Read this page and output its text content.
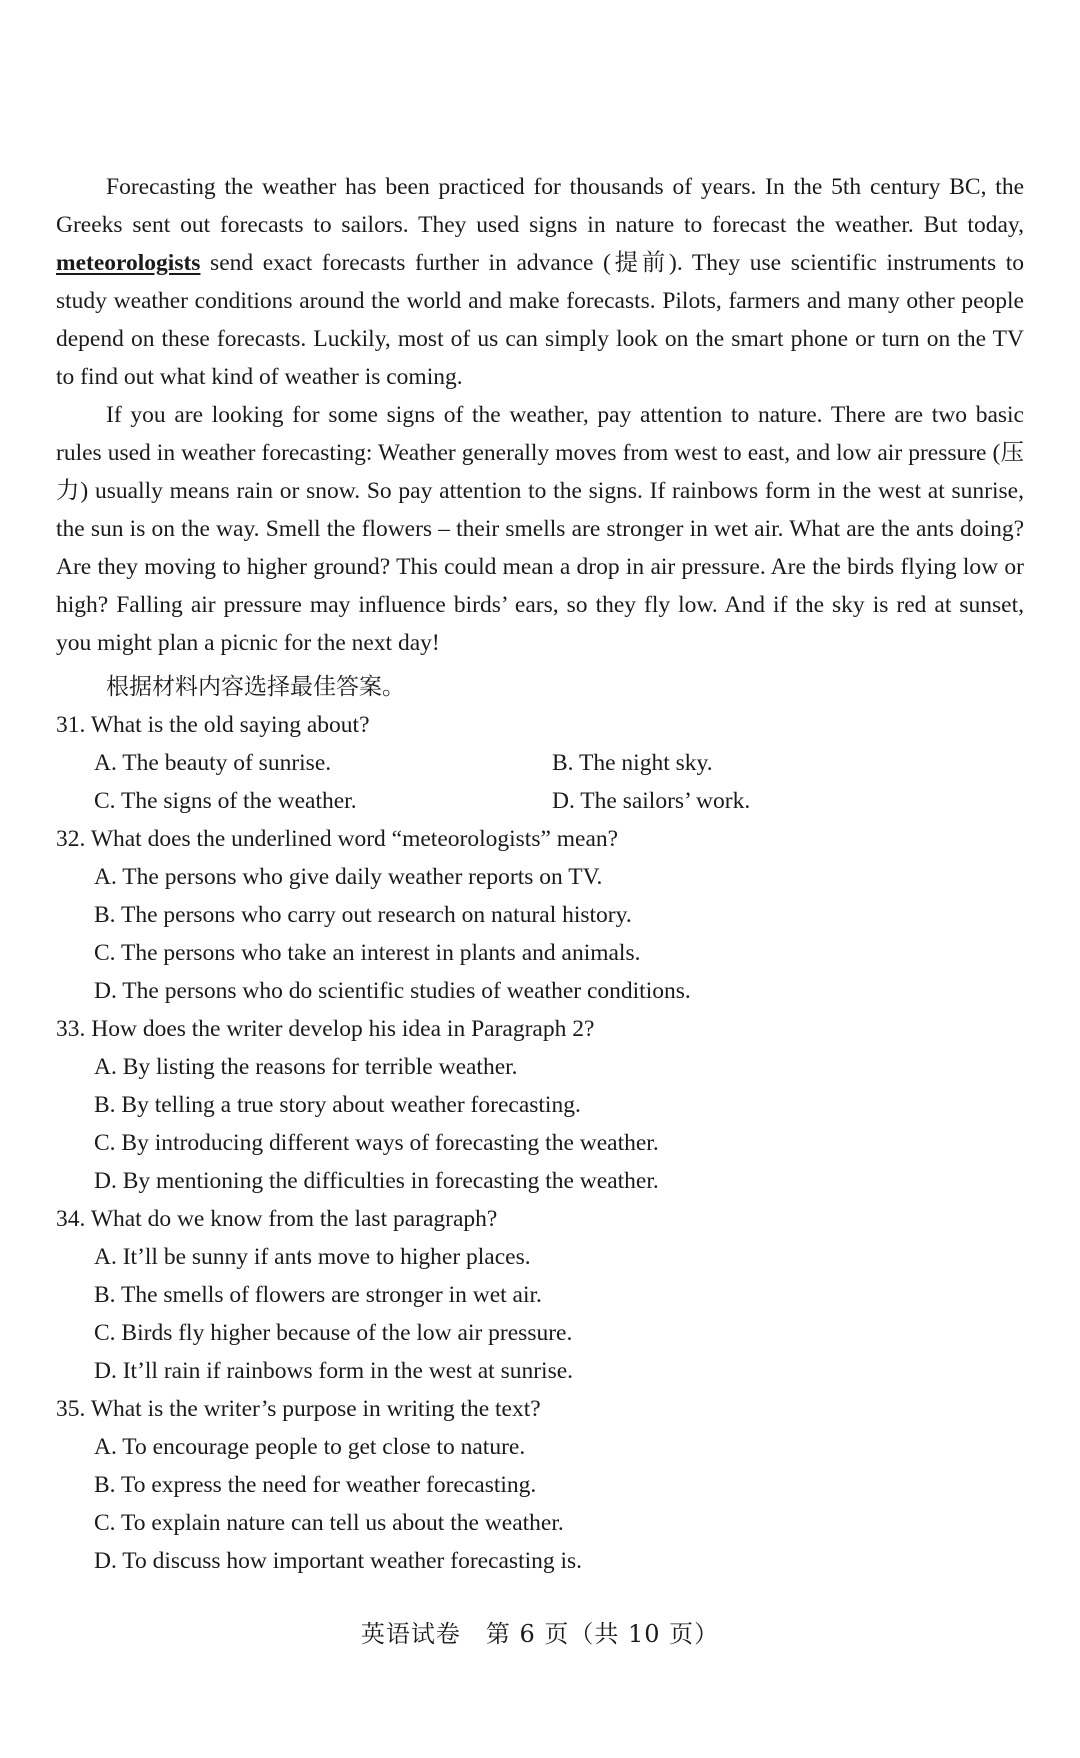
Forecasting the weather has been practiced for thousands of years. In the 5th century BC, the Greeks sent out forecasts to sailors. They used signs in nature to forecast the weather. But today, meteorologists send exact forecasts further in advance (提前). They use scientific instruments to study weather conditions around the world and make forecasts. Pilots, farmers and many other people depend on these forecasts. Luckily, most of us can simply look on the smart phone or turn on the TV to find out what kind of weather is coming.

If you are looking for some signs of the weather, pay attention to nature. There are two basic rules used in weather forecasting: Weather generally moves from west to east, and low air pressure (压力) usually means rain or snow. So pay attention to the signs. If rainbows form in the west at sunrise, the sun is on the way. Smell the flowers – their smells are stronger in wet air. What are the ants doing? Are they moving to higher ground? This could mean a drop in air pressure. Are the birds flying low or high? Falling air pressure may influence birds’ ears, so they fly low. And if the sky is red at sunset, you might plan a picnic for the next day!

根据材料内容选择最佳答案。

31. What is the old saying about?

A. The beauty of sunrise.	B. The night sky.
C. The signs of the weather.	D. The sailors’ work.

32. What does the underlined word “meteorologists” mean?

A. The persons who give daily weather reports on TV.
B. The persons who carry out research on natural history.
C. The persons who take an interest in plants and animals.
D. The persons who do scientific studies of weather conditions.

33. How does the writer develop his idea in Paragraph 2?

A. By listing the reasons for terrible weather.
B. By telling a true story about weather forecasting.
C. By introducing different ways of forecasting the weather.
D. By mentioning the difficulties in forecasting the weather.

34. What do we know from the last paragraph?

A. It’ll be sunny if ants move to higher places.
B. The smells of flowers are stronger in wet air.
C. Birds fly higher because of the low air pressure.
D. It’ll rain if rainbows form in the west at sunrise.

35. What is the writer’s purpose in writing the text?

A. To encourage people to get close to nature.
B. To express the need for weather forecasting.
C. To explain nature can tell us about the weather.
D. To discuss how important weather forecasting is.
英语试卷　第 6 页（共 10 页）
